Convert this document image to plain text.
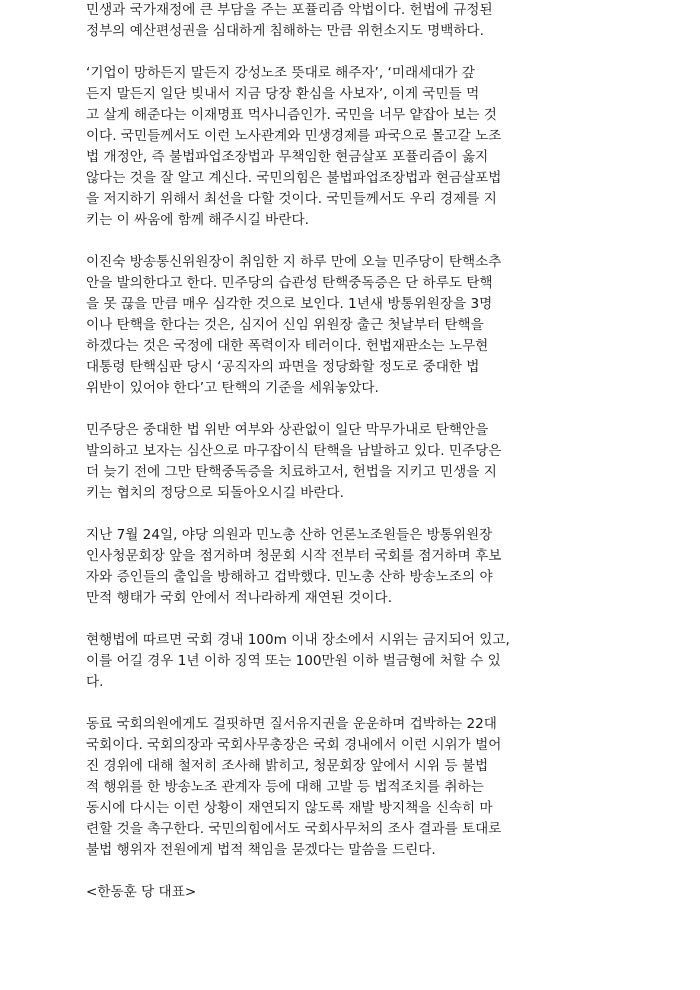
민생과 국가재정에 큰 부담을 주는 포퓰리즘 악법이다. 헌법에 규정된
정부의 예산편성권을 심대하게 침해하는 만큼 위헌소지도 명백하다.
‘기업이 망하든지 말든지 강성노조 뜻대로 해주자’, ‘미래세대가 갚
든지 말든지 일단 빚내서 지금 당장 환심을 사보자’, 이게 국민들 먹
고 살게 해준다는 이재명표 먹사니즘인가. 국민을 너무 얕잡아 보는 것
이다. 국민들께서도 이런 노사관계와 민생경제를 파국으로 몰고갈 노조
법 개정안, 즉 불법파업조장법과 무책임한 현금살포 포퓰리즘이 옳지
않다는 것을 잘 알고 계신다. 국민의힘은 불법파업조장법과 현금살포법
을 저지하기 위해서 최선을 다할 것이다. 국민들께서도 우리 경제를 지
키는 이 싸움에 함께 해주시길 바란다.
이진숙 방송통신위원장이 취임한 지 하루 만에 오늘 민주당이 탄핵소추
안을 발의한다고 한다. 민주당의 습관성 탄핵중독증은 단 하루도 탄핵
을 못 끊을 만큼 매우 심각한 것으로 보인다. 1년새 방통위원장을 3명
이나 탄핵을 한다는 것은, 심지어 신임 위원장 출근 첫날부터 탄핵을
하겠다는 것은 국정에 대한 폭력이자 테러이다. 헌법재판소는 노무현
대통령 탄핵심판 당시 ‘공직자의 파면을 정당화할 정도로 중대한 법
위반이 있어야 한다’고 탄핵의 기준을 세워놓았다.
민주당은 중대한 법 위반 여부와 상관없이 일단 막무가내로 탄핵안을
발의하고 보자는 심산으로 마구잡이식 탄핵을 남발하고 있다. 민주당은
더 늦기 전에 그만 탄핵중독증을 치료하고서, 헌법을 지키고 민생을 지
키는 협치의 정당으로 되돌아오시길 바란다.
지난 7월 24일, 야당 의원과 민노총 산하 언론노조원들은 방통위원장
인사청문회장 앞을 점거하며 청문회 시작 전부터 국회를 점거하며 후보
자와 증인들의 출입을 방해하고 겁박했다. 민노총 산하 방송노조의 야
만적 행태가 국회 안에서 적나라하게 재연된 것이다.
현행법에 따르면 국회 경내 100m 이내 장소에서 시위는 금지되어 있고,
이를 어길 경우 1년 이하 징역 또는 100만원 이하 벌금형에 처할 수 있
다.
동료 국회의원에게도 걸핏하면 질서유지권을 운운하며 겁박하는 22대
국회이다. 국회의장과 국회사무총장은 국회 경내에서 이런 시위가 벌어
진 경위에 대해 철저히 조사해 밝히고, 청문회장 앞에서 시위 등 불법
적 행위를 한 방송노조 관계자 등에 대해 고발 등 법적조치를 취하는
동시에 다시는 이런 상황이 재연되지 않도록 재발 방지책을 신속히 마
련할 것을 촉구한다. 국민의힘에서도 국회사무처의 조사 결과를 토대로
불법 행위자 전원에게 법적 책임을 묻겠다는 말씀을 드린다.
<한동훈 당 대표>
